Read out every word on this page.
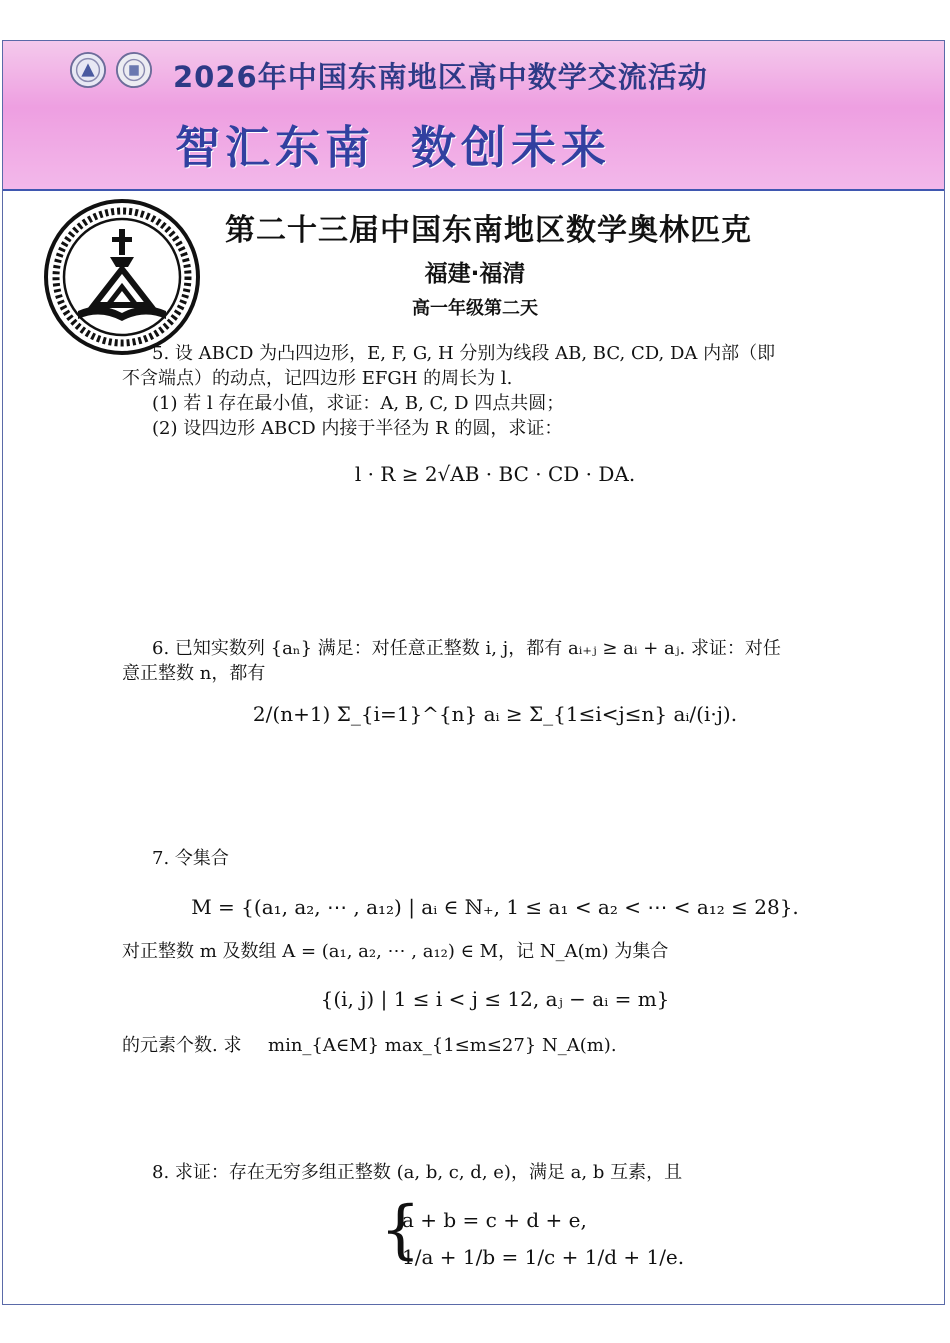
2026年中国东南地区高中数学交流活动
智汇东南 数创未来
第二十三届中国东南地区数学奥林匹克
福建·福清
高一年级第二天
5. 设 ABCD 为凸四边形，E, F, G, H 分别为线段 AB, BC, CD, DA 内部（即
不含端点）的动点，记四边形 EFGH 的周长为 l.
(1) 若 l 存在最小值，求证：A, B, C, D 四点共圆；
(2) 设四边形 ABCD 内接于半径为 R 的圆，求证：
l · R ≥ 2√AB · BC · CD · DA.
6. 已知实数列 {aₙ} 满足：对任意正整数 i, j，都有 aᵢ₊ⱼ ≥ aᵢ + aⱼ. 求证：对任
意正整数 n，都有
2/(n+1) Σ_{i=1}^{n} aᵢ ≥ Σ_{1≤i<j≤n} aᵢ/(i·j).
7. 令集合
M = {(a₁, a₂, ⋯ , a₁₂) | aᵢ ∈ ℕ₊, 1 ≤ a₁ < a₂ < ⋯ < a₁₂ ≤ 28}.
对正整数 m 及数组 A = (a₁, a₂, ⋯ , a₁₂) ∈ M，记 N_A(m) 为集合
{(i, j) | 1 ≤ i < j ≤ 12, aⱼ − aᵢ = m}
的元素个数. 求 min_{A∈M} max_{1≤m≤27} N_A(m).
8. 求证：存在无穷多组正整数 (a, b, c, d, e)，满足 a, b 互素，且
{
a + b = c + d + e,
1/a + 1/b = 1/c + 1/d + 1/e.
